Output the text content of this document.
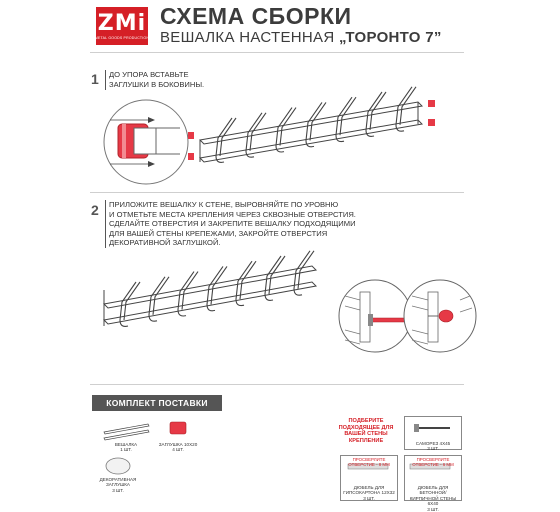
ZMi
METAL GOODS PRODUCTION
СХЕМА СБОРКИ
ВЕШАЛКА НАСТЕННАЯ „ТОРОНТО 7”
1	ДО УПОРА ВСТАВЬТЕ
ЗАГЛУШКИ В БОКОВИНЫ.
2	ПРИЛОЖИТЕ ВЕШАЛКУ К СТЕНЕ, ВЫРОВНЯЙТЕ ПО УРОВНЮ
И ОТМЕТЬТЕ МЕСТА КРЕПЛЕНИЯ ЧЕРЕЗ СКВОЗНЫЕ ОТВЕРСТИЯ.
СДЕЛАЙТЕ ОТВЕРСТИЯ И ЗАКРЕПИТЕ ВЕШАЛКУ ПОДХОДЯЩИМИ
ДЛЯ ВАШЕЙ СТЕНЫ КРЕПЕЖАМИ, ЗАКРОЙТЕ ОТВЕРСТИЯ
ДЕКОРАТИВНОЙ ЗАГЛУШКОЙ.
КОМПЛЕКТ ПОСТАВКИ
ВЕШАЛКА
1 ШТ.
ЗАГЛУШКА 10Х20
4 ШТ.
ДЕКОРАТИВНАЯ ЗАГЛУШКА
3 ШТ.
ПОДБЕРИТЕ ПОДХОДЯЩЕЕ ДЛЯ ВАШЕЙ СТЕНЫ КРЕПЛЕНИЕ	САМОРЕЗ 4Х45
3 ШТ.
ПРОСВЕРЛИТЕ ОТВЕРСТИЕ - 8 ММ
ДЮБЕЛЬ ДЛЯ ГИПСОКАРТОНА 12Х32
3 ШТ.
ПРОСВЕРЛИТЕ ОТВЕРСТИЕ - 6 ММ
ДЮБЕЛЬ ДЛЯ БЕТОННОЙ/КИРПИЧНОЙ СТЕНЫ 6Х40
3 ШТ.
